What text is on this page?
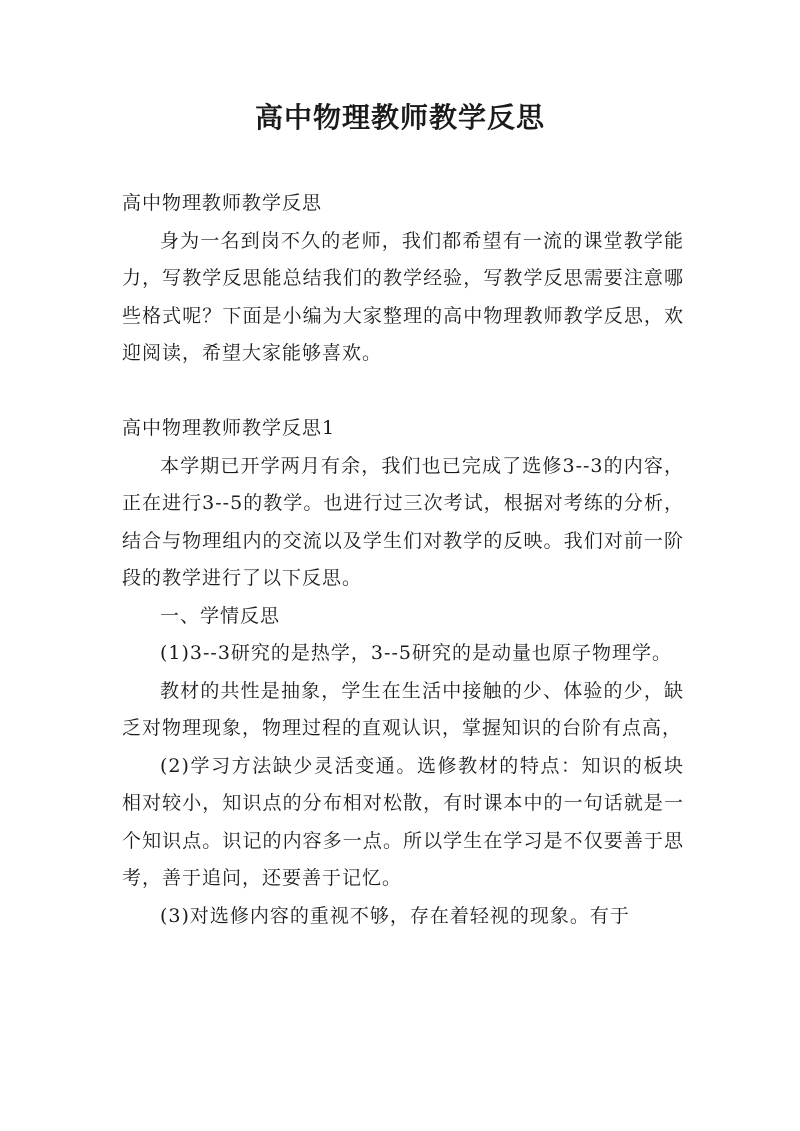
高中物理教师教学反思

高中物理教师教学反思

身为一名到岗不久的老师，我们都希望有一流的课堂教学能力，写教学反思能总结我们的教学经验，写教学反思需要注意哪些格式呢？下面是小编为大家整理的高中物理教师教学反思，欢迎阅读，希望大家能够喜欢。

高中物理教师教学反思1

本学期已开学两月有余，我们也已完成了选修3--3的内容，正在进行3--5的教学。也进行过三次考试，根据对考练的分析，结合与物理组内的交流以及学生们对教学的反映。我们对前一阶段的教学进行了以下反思。

一、学情反思

(1)3--3研究的是热学，3--5研究的是动量也原子物理学。

教材的共性是抽象，学生在生活中接触的少、体验的少，缺乏对物理现象，物理过程的直观认识，掌握知识的台阶有点高，

(2)学习方法缺少灵活变通。选修教材的特点：知识的板块相对较小，知识点的分布相对松散，有时课本中的一句话就是一个知识点。识记的内容多一点。所以学生在学习是不仅要善于思考，善于追问，还要善于记忆。

(3)对选修内容的重视不够，存在着轻视的现象。有于
